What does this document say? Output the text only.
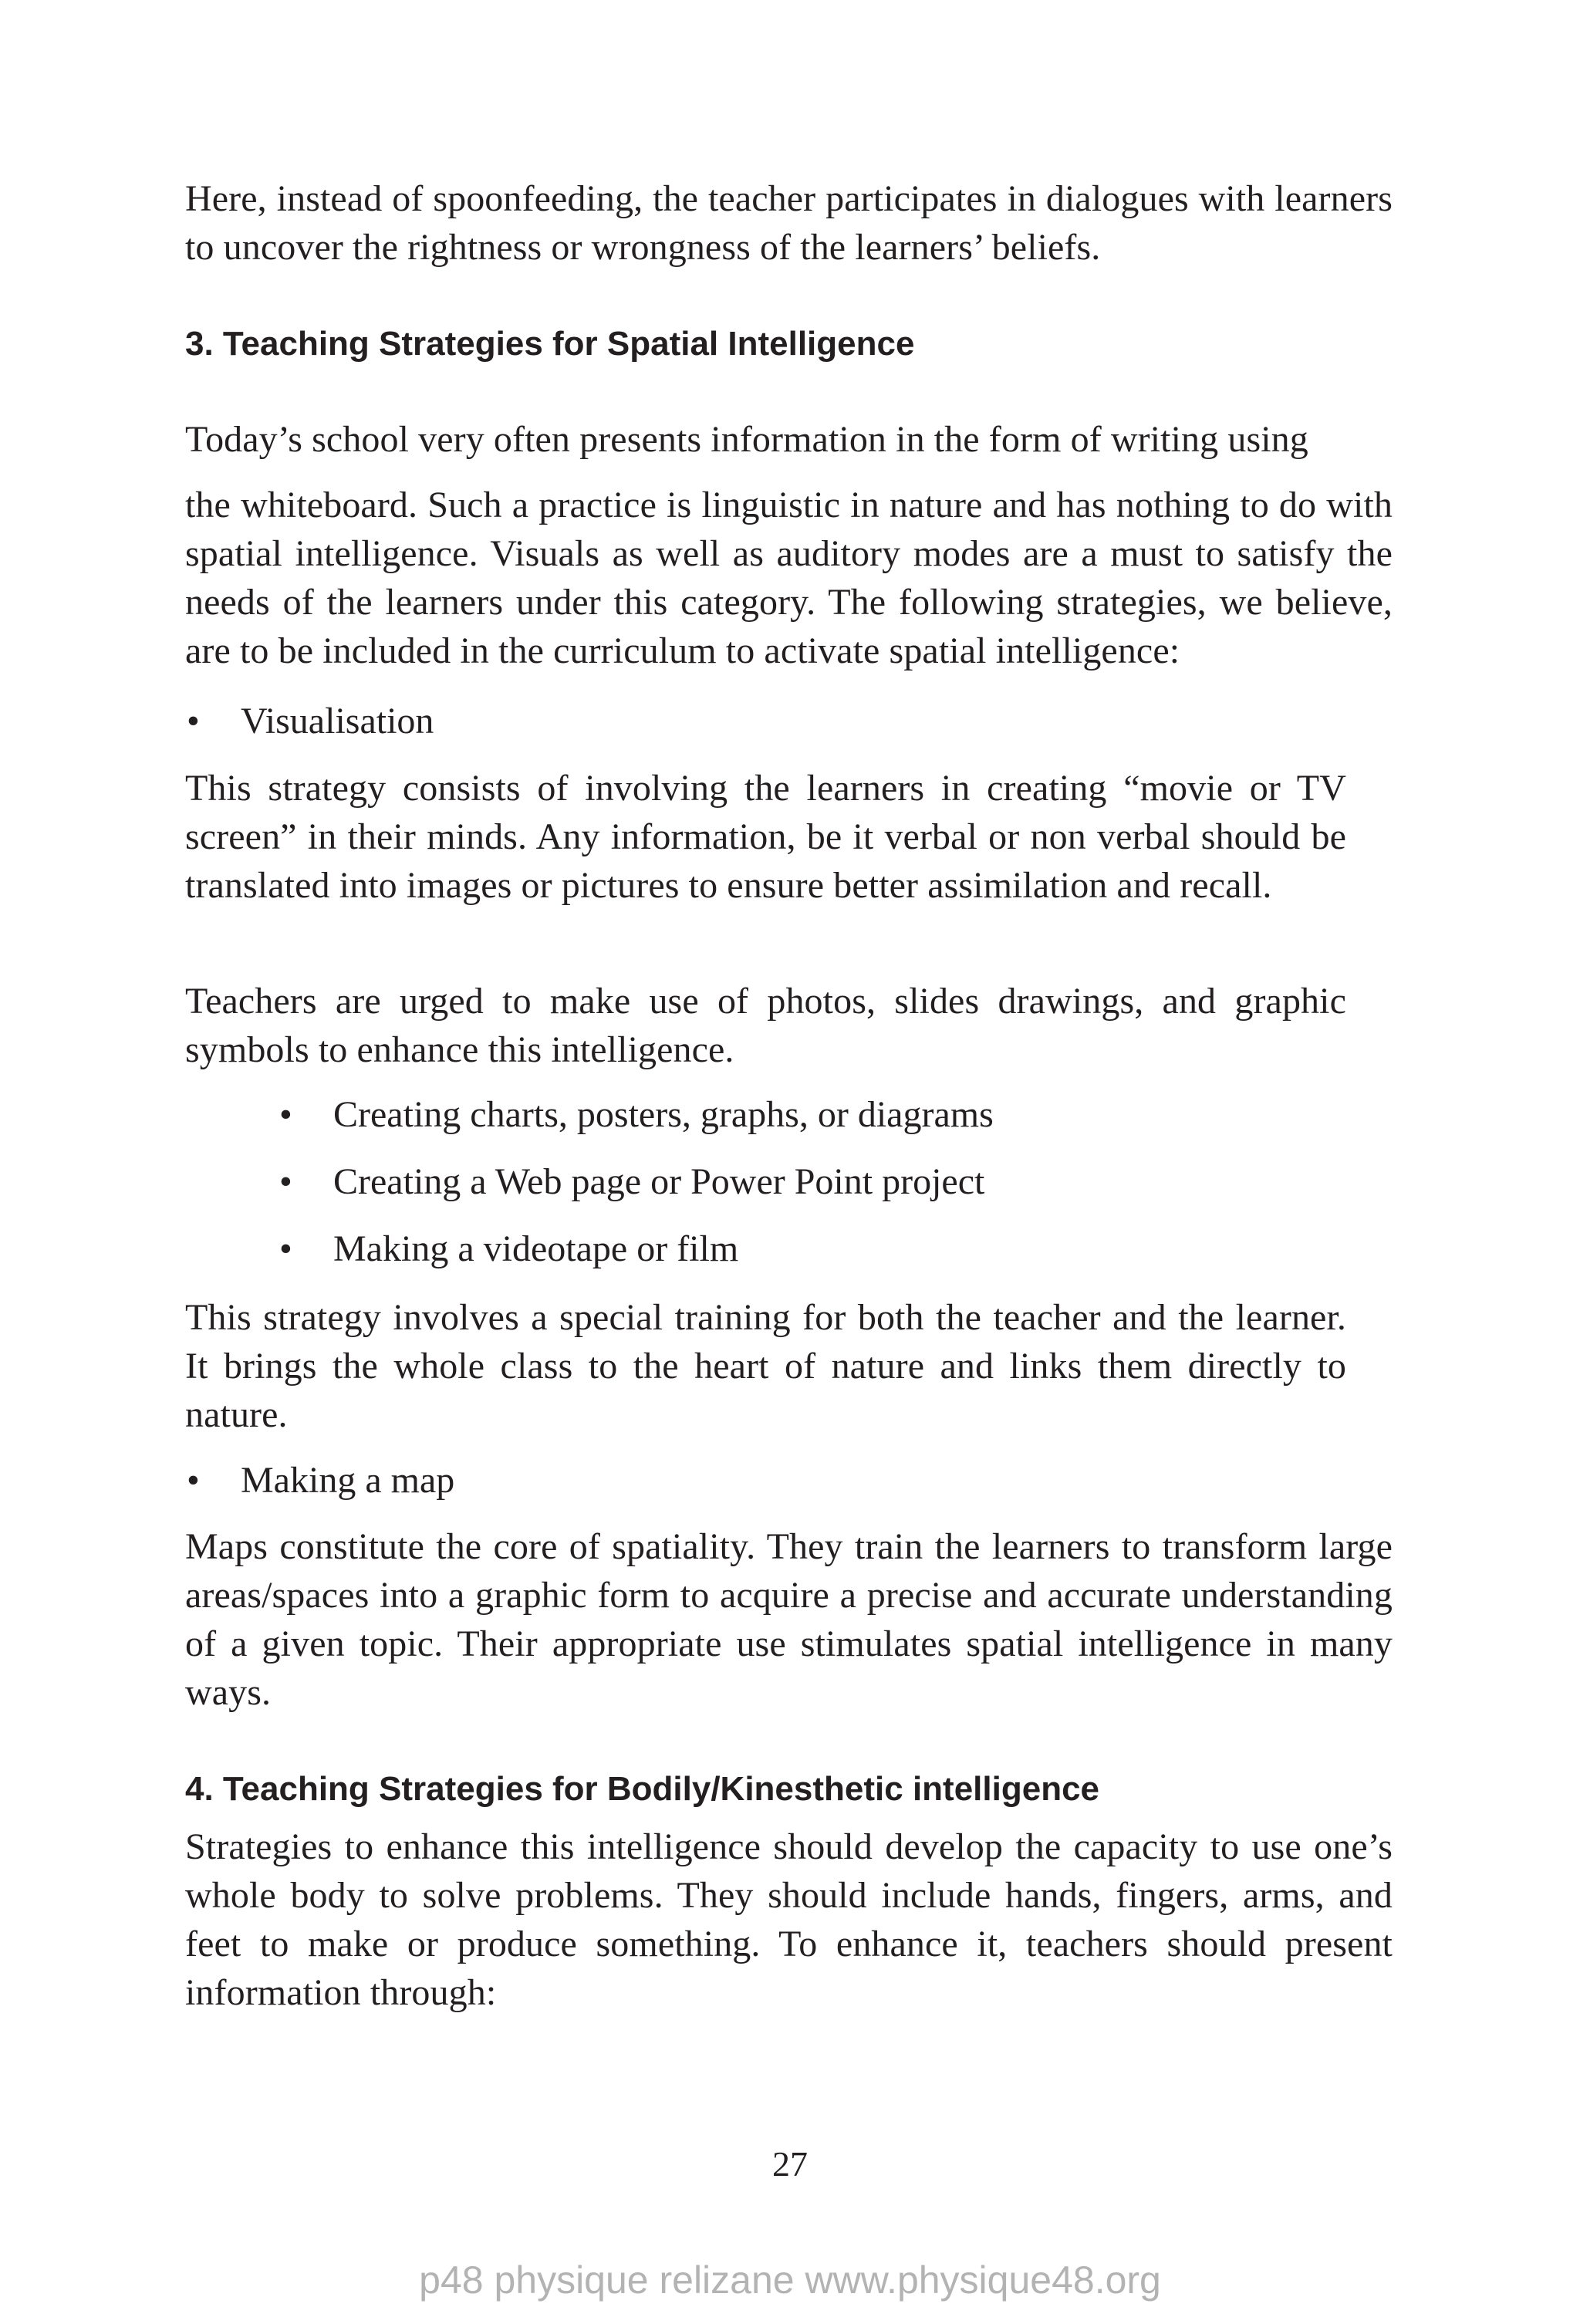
Here, instead of spoonfeeding, the teacher participates in dialogues with learners to uncover the rightness or wrongness of the learners’ beliefs.

3. Teaching Strategies for Spatial Intelligence

Today’s school very often presents information in the form of writing using

the whiteboard. Such a practice is linguistic in nature and has nothing to do with spatial intelligence. Visuals as well as auditory modes are a must to satisfy the needs of the learners under this category. The following strategies, we believe, are to be included in the curriculum to activate spatial intelligence:

• Visualisation

This strategy consists of involving the learners in creating “movie or TV screen” in their minds. Any information, be it verbal or non verbal should be translated into images or pictures to ensure better assimilation and recall.

Teachers are urged to make use of photos, slides drawings, and graphic symbols to enhance this intelligence.

• Creating charts, posters, graphs, or diagrams
• Creating a Web page or Power Point project
• Making a videotape or film

This strategy involves a special training for both the teacher and the learner. It brings the whole class to the heart of nature and links them directly to nature.

• Making a map

Maps constitute the core of spatiality. They train the learners to transform large areas/spaces into a graphic form to acquire a precise and accurate understanding of a given topic. Their appropriate use stimulates spatial intelligence in many ways.

4. Teaching Strategies for Bodily/Kinesthetic intelligence

Strategies to enhance this intelligence should develop the capacity to use one’s whole body to solve problems. They should include hands, fingers, arms, and feet to make or produce something. To enhance it, teachers should present information through:

27
p48 physique relizane www.physique48.org
